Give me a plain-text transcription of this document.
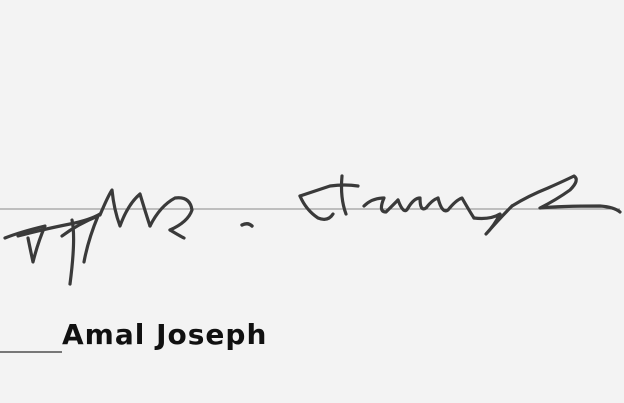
Amal Joseph
